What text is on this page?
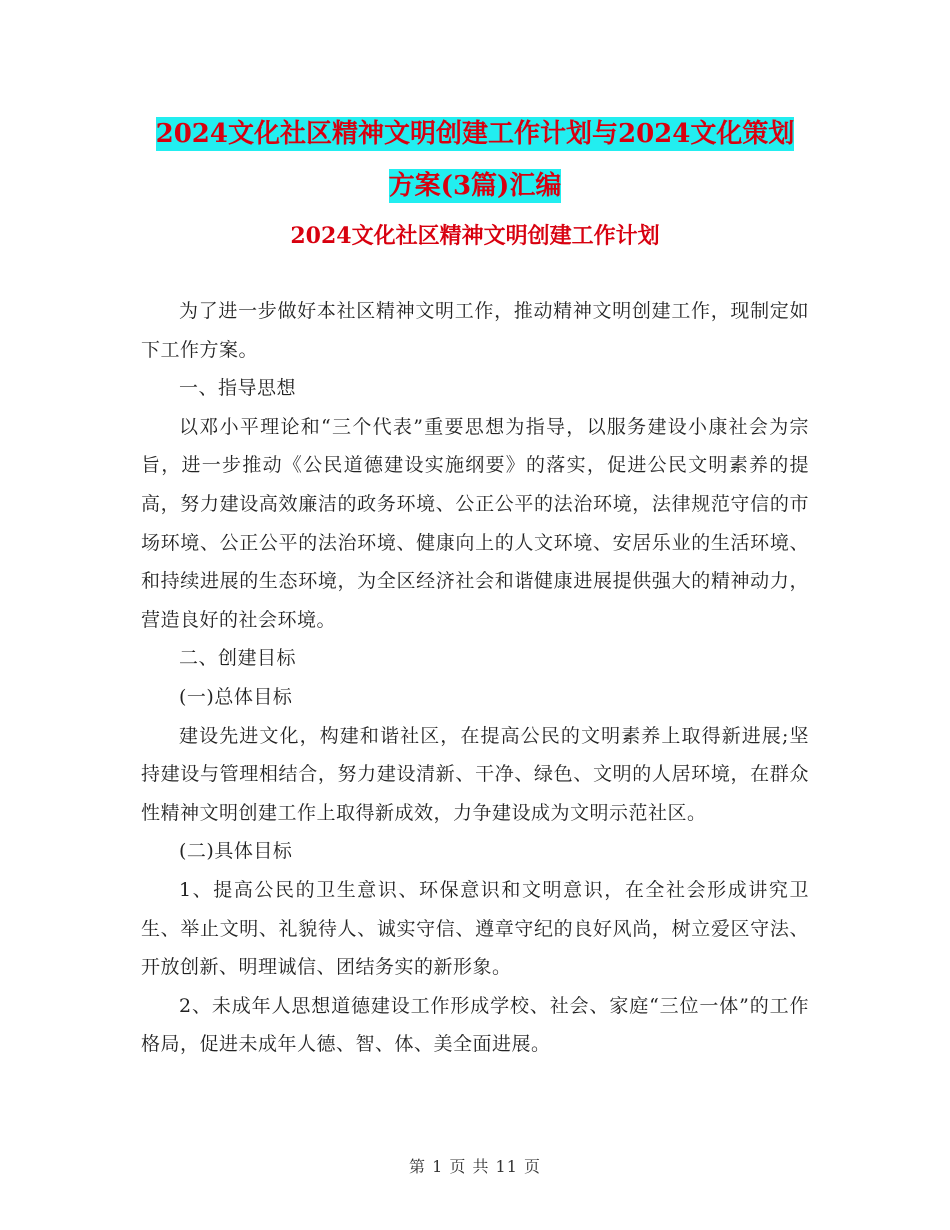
2024文化社区精神文明创建工作计划与2024文化策划
方案(3篇)汇编
2024文化社区精神文明创建工作计划

为了进一步做好本社区精神文明工作，推动精神文明创建工作，现制定如下工作方案。

一、指导思想

以邓小平理论和“三个代表”重要思想为指导，以服务建设小康社会为宗旨，进一步推动《公民道德建设实施纲要》的落实，促进公民文明素养的提高，努力建设高效廉洁的政务环境、公正公平的法治环境，法律规范守信的市场环境、公正公平的法治环境、健康向上的人文环境、安居乐业的生活环境、和持续进展的生态环境，为全区经济社会和谐健康进展提供强大的精神动力，营造良好的社会环境。

二、创建目标

(一)总体目标

建设先进文化，构建和谐社区，在提高公民的文明素养上取得新进展;坚持建设与管理相结合，努力建设清新、干净、绿色、文明的人居环境，在群众性精神文明创建工作上取得新成效，力争建设成为文明示范社区。

(二)具体目标

1、提高公民的卫生意识、环保意识和文明意识，在全社会形成讲究卫生、举止文明、礼貌待人、诚实守信、遵章守纪的良好风尚，树立爱区守法、开放创新、明理诚信、团结务实的新形象。

2、未成年人思想道德建设工作形成学校、社会、家庭“三位一体”的工作格局，促进未成年人德、智、体、美全面进展。

第 1 页 共 11 页
